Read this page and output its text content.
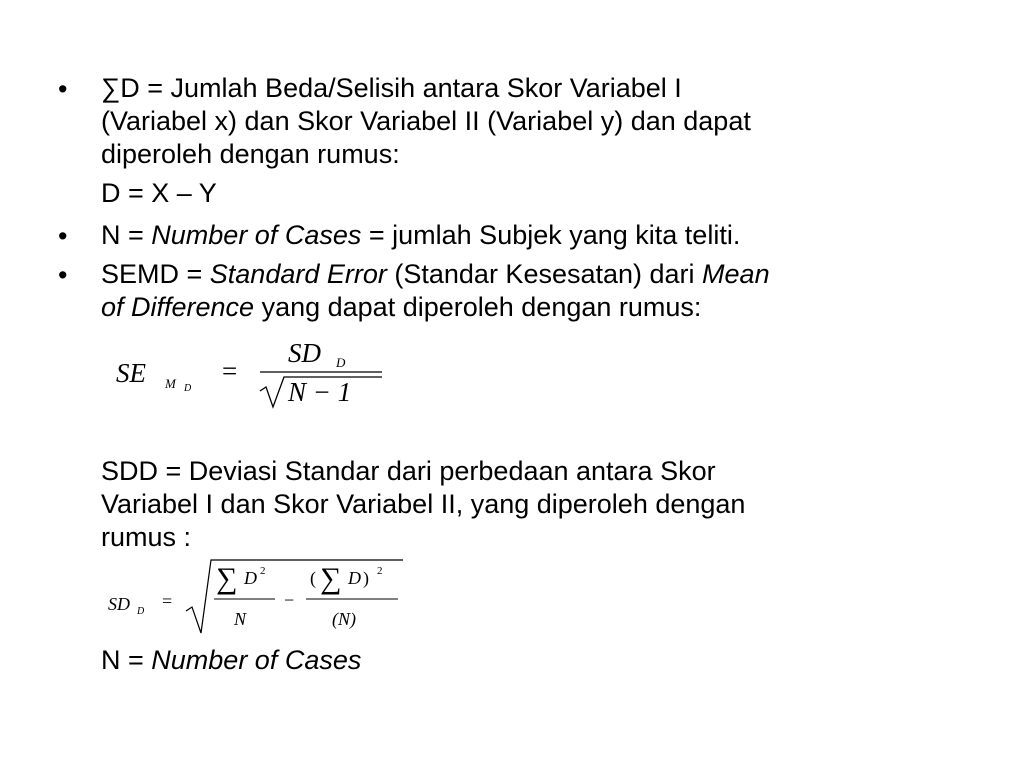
• ∑D = Jumlah Beda/Selisih antara Skor Variabel I
(Variabel x) dan Skor Variabel II (Variabel y) dan dapat
diperoleh dengan rumus:
D = X – Y
• N = Number of Cases = jumlah Subjek yang kita teliti.
• SEMD = Standard Error (Standar Kesesatan) dari Mean
of Difference yang dapat diperoleh dengan rumus:
SE M D
=
SD D
N − 1
SDD = Deviasi Standar dari perbedaan antara Skor
Variabel I dan Skor Variabel II, yang diperoleh dengan
rumus :
SD D
=
∑ D 2
N
−
( ∑ D ) 2
(N)
N = Number of Cases
